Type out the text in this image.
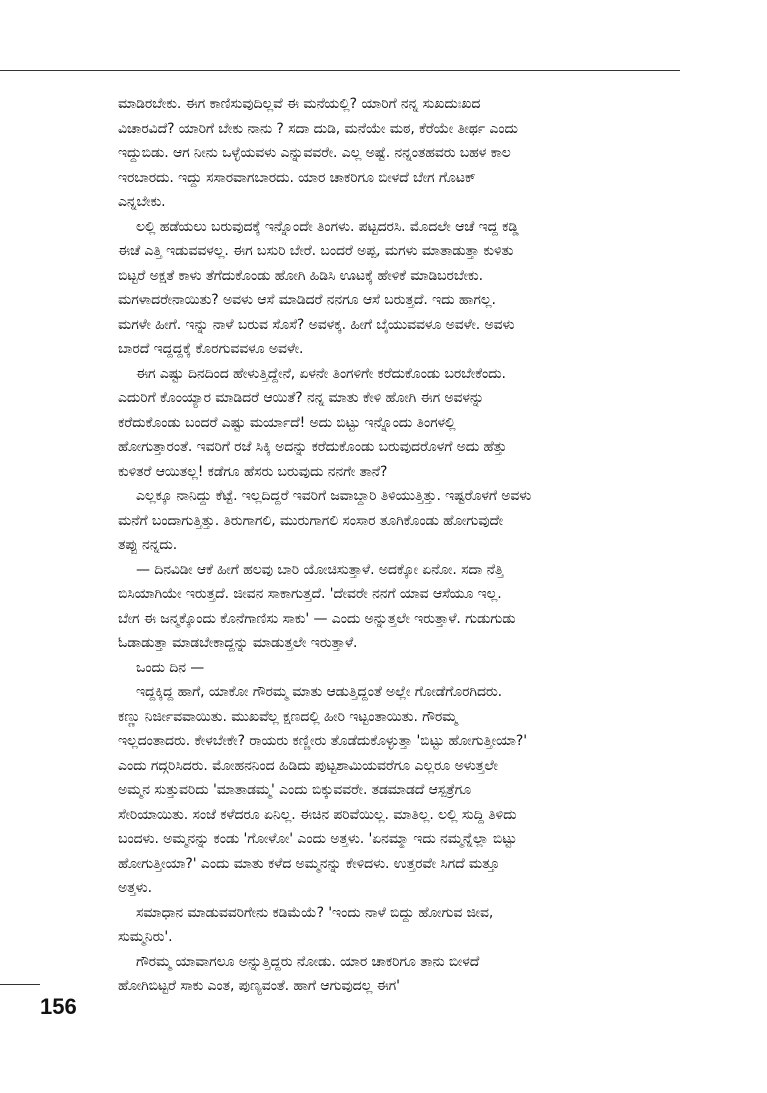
ಮಾಡಿರಬೇಕು. ಈಗ ಕಾಣಿಸುವುದಿಲ್ಲವೆ ಈ ಮನೆಯಲ್ಲಿ? ಯಾರಿಗೆ ನನ್ನ ಸುಖದುಃಖದ
ವಿಚಾರವಿದೆ? ಯಾರಿಗೆ ಬೇಕು ನಾನು ? ಸದಾ ದುಡಿ, ಮನೆಯೇ ಮಠ, ಕೆರೆಯೇ ತೀರ್ಥ ಎಂದು
ಇದ್ದುಬಿಡು. ಆಗ ನೀನು ಒಳ್ಳೆಯವಳು ಎನ್ನುವವರೇ. ಎಲ್ಲ ಅಷ್ಟೆ. ನನ್ನಂತಹವರು ಬಹಳ ಕಾಲ
ಇರಬಾರದು. ಇದ್ದು ಸಸಾರವಾಗಬಾರದು. ಯಾರ ಚಾಕರಿಗೂ ಬೀಳದೆ ಬೇಗ ಗೊಟಕ್
ಎನ್ನಬೇಕು.
ಲಲ್ಲಿ ಹಡೆಯಲು ಬರುವುದಕ್ಕೆ ಇನ್ನೊಂದೇ ತಿಂಗಳು. ಪಟ್ಟದರಸಿ. ಮೊದಲೇ ಆಚೆ ಇದ್ದ ಕಡ್ಡಿ
ಈಚೆ ಎತ್ತಿ ಇಡುವವಳಲ್ಲ. ಈಗ ಬಸುರಿ ಬೇರೆ. ಬಂದರೆ ಅಪ್ಪ, ಮಗಳು ಮಾತಾಡುತ್ತಾ ಕುಳಿತು
ಬಿಟ್ಟರೆ ಅಕ್ಷತೆ ಕಾಳು ತೆಗೆದುಕೊಂಡು ಹೋಗಿ ಹಿಡಿಸಿ ಊಟಕ್ಕೆ ಹೇಳಿಕೆ ಮಾಡಿಬರಬೇಕು.
ಮಗಳಾದರೇನಾಯಿತು? ಅವಳು ಆಸೆ ಮಾಡಿದರೆ ನನಗೂ ಆಸೆ ಬರುತ್ತದೆ. ಇದು ಹಾಗಲ್ಲ.
ಮಗಳೇ ಹೀಗೆ. ಇನ್ನು ನಾಳೆ ಬರುವ ಸೊಸೆ? ಅವಳಕ್ಕ. ಹೀಗೆ ಬೈಯುವವಳೂ ಅವಳೇ. ಅವಳು
ಬಾರದೆ ಇದ್ದದ್ದಕ್ಕೆ ಕೊರಗುವವಳೂ ಅವಳೇ.
ಈಗ ಎಷ್ಟು ದಿನದಿಂದ ಹೇಳುತ್ತಿದ್ದೇನೆ, ಏಳನೇ ತಿಂಗಳಿಗೇ ಕರೆದುಕೊಂಡು ಬರಬೇಕೆಂದು.
ಎದುರಿಗೆ ಕೊಂಯ್ಯಾರ ಮಾಡಿದರೆ ಆಯಿತೆ? ನನ್ನ ಮಾತು ಕೇಳಿ ಹೋಗಿ ಈಗ ಅವಳನ್ನು
ಕರೆದುಕೊಂಡು ಬಂದರೆ ಎಷ್ಟು ಮರ್ಯಾದೆ! ಅದು ಬಿಟ್ಟು ಇನ್ನೊಂದು ತಿಂಗಳಲ್ಲಿ
ಹೋಗುತ್ತಾರಂತೆ. ಇವರಿಗೆ ರಜೆ ಸಿಕ್ಕಿ ಅದನ್ನು ಕರೆದುಕೊಂಡು ಬರುವುದರೊಳಗೆ ಅದು ಹೆತ್ತು
ಕುಳಿತರೆ ಆಯಿತಲ್ಲ! ಕಡೆಗೂ ಹೆಸರು ಬರುವುದು ನನಗೇ ತಾನೆ?
ಎಲ್ಲಕ್ಕೂ ನಾನಿದ್ದು ಕೆಟ್ಟೆ. ಇಲ್ಲದಿದ್ದರೆ ಇವರಿಗೆ ಜವಾಬ್ದಾರಿ ತಿಳಿಯುತ್ತಿತ್ತು. ಇಷ್ಟರೊಳಗೆ ಅವಳು
ಮನೆಗೆ ಬಂದಾಗುತ್ತಿತ್ತು. ತಿರುಗಾಗಲಿ, ಮುರುಗಾಗಲಿ ಸಂಸಾರ ತೂಗಿಕೊಂಡು ಹೋಗುವುದೇ
ತಪ್ಪು ನನ್ನದು.
— ದಿನವಿಡೀ ಆಕೆ ಹೀಗೆ ಹಲವು ಬಾರಿ ಯೋಚಿಸುತ್ತಾಳೆ. ಅದಕ್ಕೋ ಏನೋ. ಸದಾ ನೆತ್ತಿ
ಬಿಸಿಯಾಗಿಯೇ ಇರುತ್ತದೆ. ಜೀವನ ಸಾಕಾಗುತ್ತದೆ. 'ದೇವರೇ ನನಗೆ ಯಾವ ಆಸೆಯೂ ಇಲ್ಲ.
ಬೇಗ ಈ ಜನ್ಮಕ್ಕೊಂದು ಕೊನೆಗಾಣಿಸು ಸಾಕು' — ಎಂದು ಅನ್ನುತ್ತಲೇ ಇರುತ್ತಾಳೆ. ಗುಡುಗುಡು
ಓಡಾಡುತ್ತಾ ಮಾಡಬೇಕಾದ್ದನ್ನು ಮಾಡುತ್ತಲೇ ಇರುತ್ತಾಳೆ.
ಒಂದು ದಿನ —
ಇದ್ದಕ್ಕಿದ್ದ ಹಾಗೆ, ಯಾಕೋ ಗೌರಮ್ಮ ಮಾತು ಆಡುತ್ತಿದ್ದಂತೆ ಅಲ್ಲೇ ಗೋಡೆಗೊರಗಿದರು.
ಕಣ್ಣು ನಿರ್ಜೀವವಾಯಿತು. ಮುಖವೆಲ್ಲ ಕ್ಷಣದಲ್ಲಿ ಹೀರಿ ಇಟ್ಟಂತಾಯಿತು. ಗೌರಮ್ಮ
ಇಲ್ಲದಂತಾದರು. ಕೇಳಬೇಕೇ? ರಾಯರು ಕಣ್ಣೀರು ತೊಡೆದುಕೊಳ್ಳುತ್ತಾ 'ಬಿಟ್ಟು ಹೋಗುತ್ತೀಯಾ?'
ಎಂದು ಗದ್ಗರಿಸಿದರು. ಮೋಹನನಿಂದ ಹಿಡಿದು ಪುಟ್ಟಶಾಮಿಯವರೆಗೂ ಎಲ್ಲರೂ ಅಳುತ್ತಲೇ
ಅಮ್ಮನ ಸುತ್ತುವರಿದು 'ಮಾತಾಡಮ್ಮ' ಎಂದು ಬಿಕ್ಕುವವರೇ. ತಡಮಾಡದೆ ಆಸ್ಪತ್ರೆಗೂ
ಸೇರಿಯಾಯಿತು. ಸಂಜೆ ಕಳೆದರೂ ಏನಿಲ್ಲ. ಈಚಿನ ಪರಿವೆಯಿಲ್ಲ. ಮಾತಿಲ್ಲ. ಲಲ್ಲಿ ಸುದ್ದಿ ತಿಳಿದು
ಬಂದಳು. ಅಮ್ಮನನ್ನು ಕಂಡು 'ಗೋಳೋ' ಎಂದು ಅತ್ತಳು. 'ಏನಮ್ಮಾ ಇದು ನಮ್ಮನ್ನೆಲ್ಲಾ ಬಿಟ್ಟು
ಹೋಗುತ್ತೀಯಾ?' ಎಂದು ಮಾತು ಕಳೆದ ಅಮ್ಮನನ್ನು ಕೇಳಿದಳು. ಉತ್ತರವೇ ಸಿಗದೆ ಮತ್ತೂ
ಅತ್ತಳು.
ಸಮಾಧಾನ ಮಾಡುವವರಿಗೇನು ಕಡಿಮೆಯೆ? 'ಇಂದು ನಾಳೆ ಬಿದ್ದು ಹೋಗುವ ಜೀವ,
ಸುಮ್ಮನಿರು'.
ಗೌರಮ್ಮ ಯಾವಾಗಲೂ ಅನ್ನುತ್ತಿದ್ದರು ನೋಡು. ಯಾರ ಚಾಕರಿಗೂ ತಾನು ಬೀಳದೆ
ಹೋಗಿಬಿಟ್ಟರೆ ಸಾಕು ಎಂತ, ಪುಣ್ಯವಂತೆ. ಹಾಗೆ ಆಗುವುದಲ್ಲ ಈಗ'
156
